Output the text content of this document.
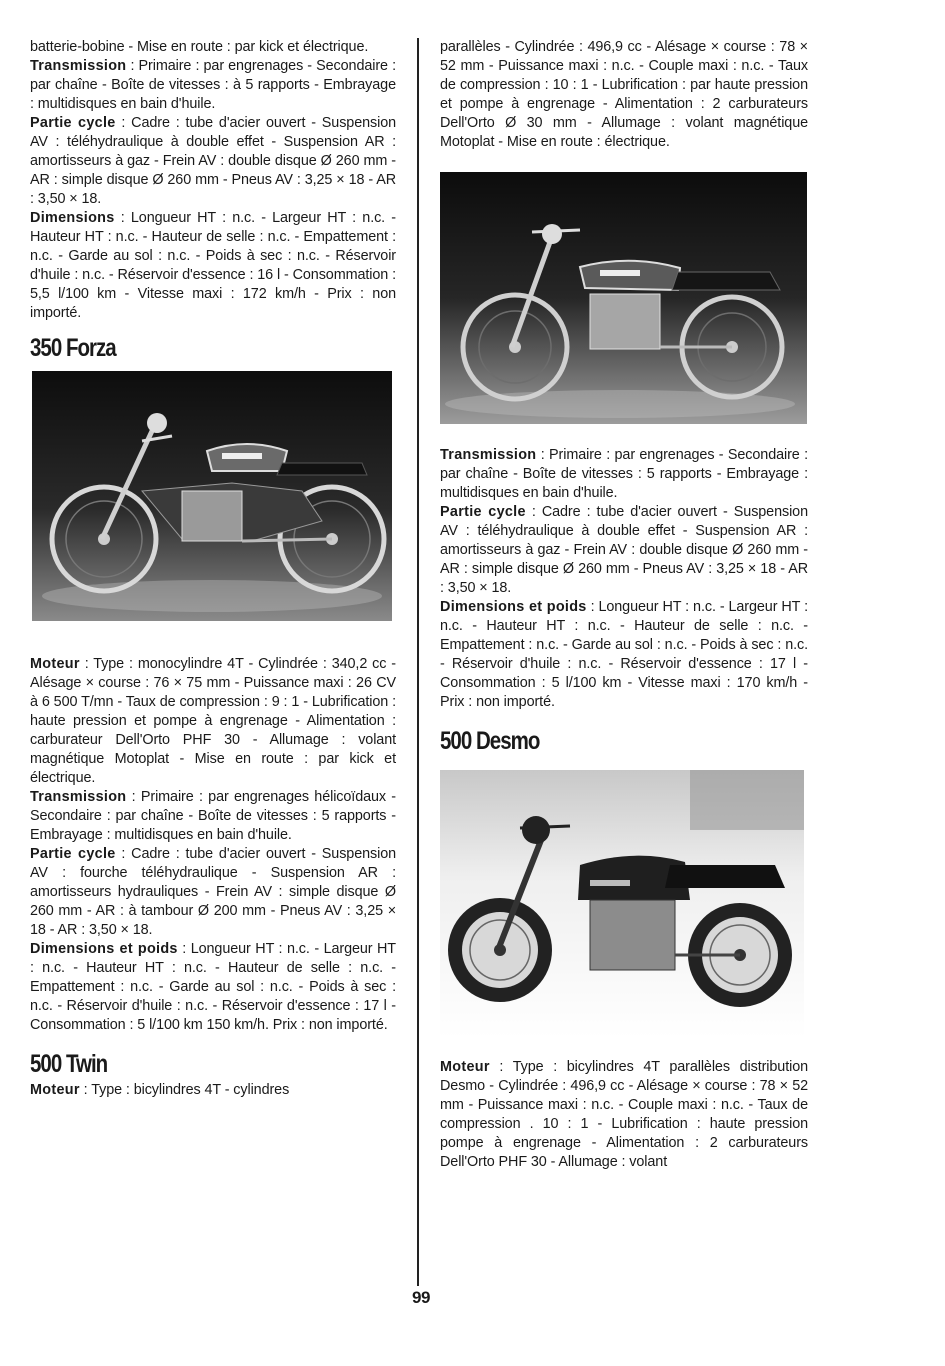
batterie-bobine - Mise en route : par kick et électrique.

Transmission : Primaire : par engrenages - Secondaire : par chaîne - Boîte de vitesses : à 5 rapports - Embrayage : multidisques en bain d'huile.

Partie cycle : Cadre : tube d'acier ouvert - Suspension AV : téléhydraulique à double effet - Suspension AR : amortisseurs à gaz - Frein AV : double disque Ø 260 mm - AR : simple disque Ø 260 mm - Pneus AV : 3,25 × 18 - AR : 3,50 × 18.

Dimensions : Longueur HT : n.c. - Largeur HT : n.c. - Hauteur HT : n.c. - Hauteur de selle : n.c. - Empattement : n.c. - Garde au sol : n.c. - Poids à sec : n.c. - Réservoir d'huile : n.c. - Réservoir d'essence : 16 l - Consommation : 5,5 l/100 km - Vitesse maxi : 172 km/h - Prix : non importé.

350 Forza

Moteur : Type : monocylindre 4T - Cylindrée : 340,2 cc - Alésage × course : 76 × 75 mm - Puissance maxi : 26 CV à 6 500 T/mn - Taux de compression : 9 : 1 - Lubrification : haute pression et pompe à engrenage - Alimentation : carburateur Dell'Orto PHF 30 - Allumage : volant magnétique Motoplat - Mise en route : par kick et électrique.

Transmission : Primaire : par engrenages hélicoïdaux - Secondaire : par chaîne - Boîte de vitesses : 5 rapports - Embrayage : multidisques en bain d'huile.

Partie cycle : Cadre : tube d'acier ouvert - Suspension AV : fourche téléhydraulique - Suspension AR : amortisseurs hydrauliques - Frein AV : simple disque Ø 260 mm - AR : à tambour Ø 200 mm - Pneus AV : 3,25 × 18 - AR : 3,50 × 18.

Dimensions et poids : Longueur HT : n.c. - Largeur HT : n.c. - Hauteur HT : n.c. - Hauteur de selle : n.c. - Empattement : n.c. - Garde au sol : n.c. - Poids à sec : n.c. - Réservoir d'huile : n.c. - Réservoir d'essence : 17 l - Consommation : 5 l/100 km 150 km/h. Prix : non importé.

500 Twin

Moteur : Type : bicylindres 4T - cylindres

parallèles - Cylindrée : 496,9 cc - Alésage × course : 78 × 52 mm - Puissance maxi : n.c. - Couple maxi : n.c. - Taux de compression : 10 : 1 - Lubrification : par haute pression et pompe à engrenage - Alimentation : 2 carburateurs Dell'Orto Ø 30 mm - Allumage : volant magnétique Motoplat - Mise en route : électrique.

Transmission : Primaire : par engrenages - Secondaire : par chaîne - Boîte de vitesses : 5 rapports - Embrayage : multidisques en bain d'huile.

Partie cycle : Cadre : tube d'acier ouvert - Suspension AV : téléhydraulique à double effet - Suspension AR : amortisseurs à gaz - Frein AV : double disque Ø 260 mm - AR : simple disque Ø 260 mm - Pneus AV : 3,25 × 18 - AR : 3,50 × 18.

Dimensions et poids : Longueur HT : n.c. - Largeur HT : n.c. - Hauteur HT : n.c. - Hauteur de selle : n.c. - Empattement : n.c. - Garde au sol : n.c. - Poids à sec : n.c. - Réservoir d'huile : n.c. - Réservoir d'essence : 17 l - Consommation : 5 l/100 km - Vitesse maxi : 170 km/h - Prix : non importé.

500 Desmo

Moteur : Type : bicylindres 4T parallèles distribution Desmo - Cylindrée : 496,9 cc - Alésage × course : 78 × 52 mm - Puissance maxi : n.c. - Couple maxi : n.c. - Taux de compression . 10 : 1 - Lubrification : haute pression pompe à engrenage - Alimentation : 2 carburateurs Dell'Orto PHF 30 - Allumage : volant

99
